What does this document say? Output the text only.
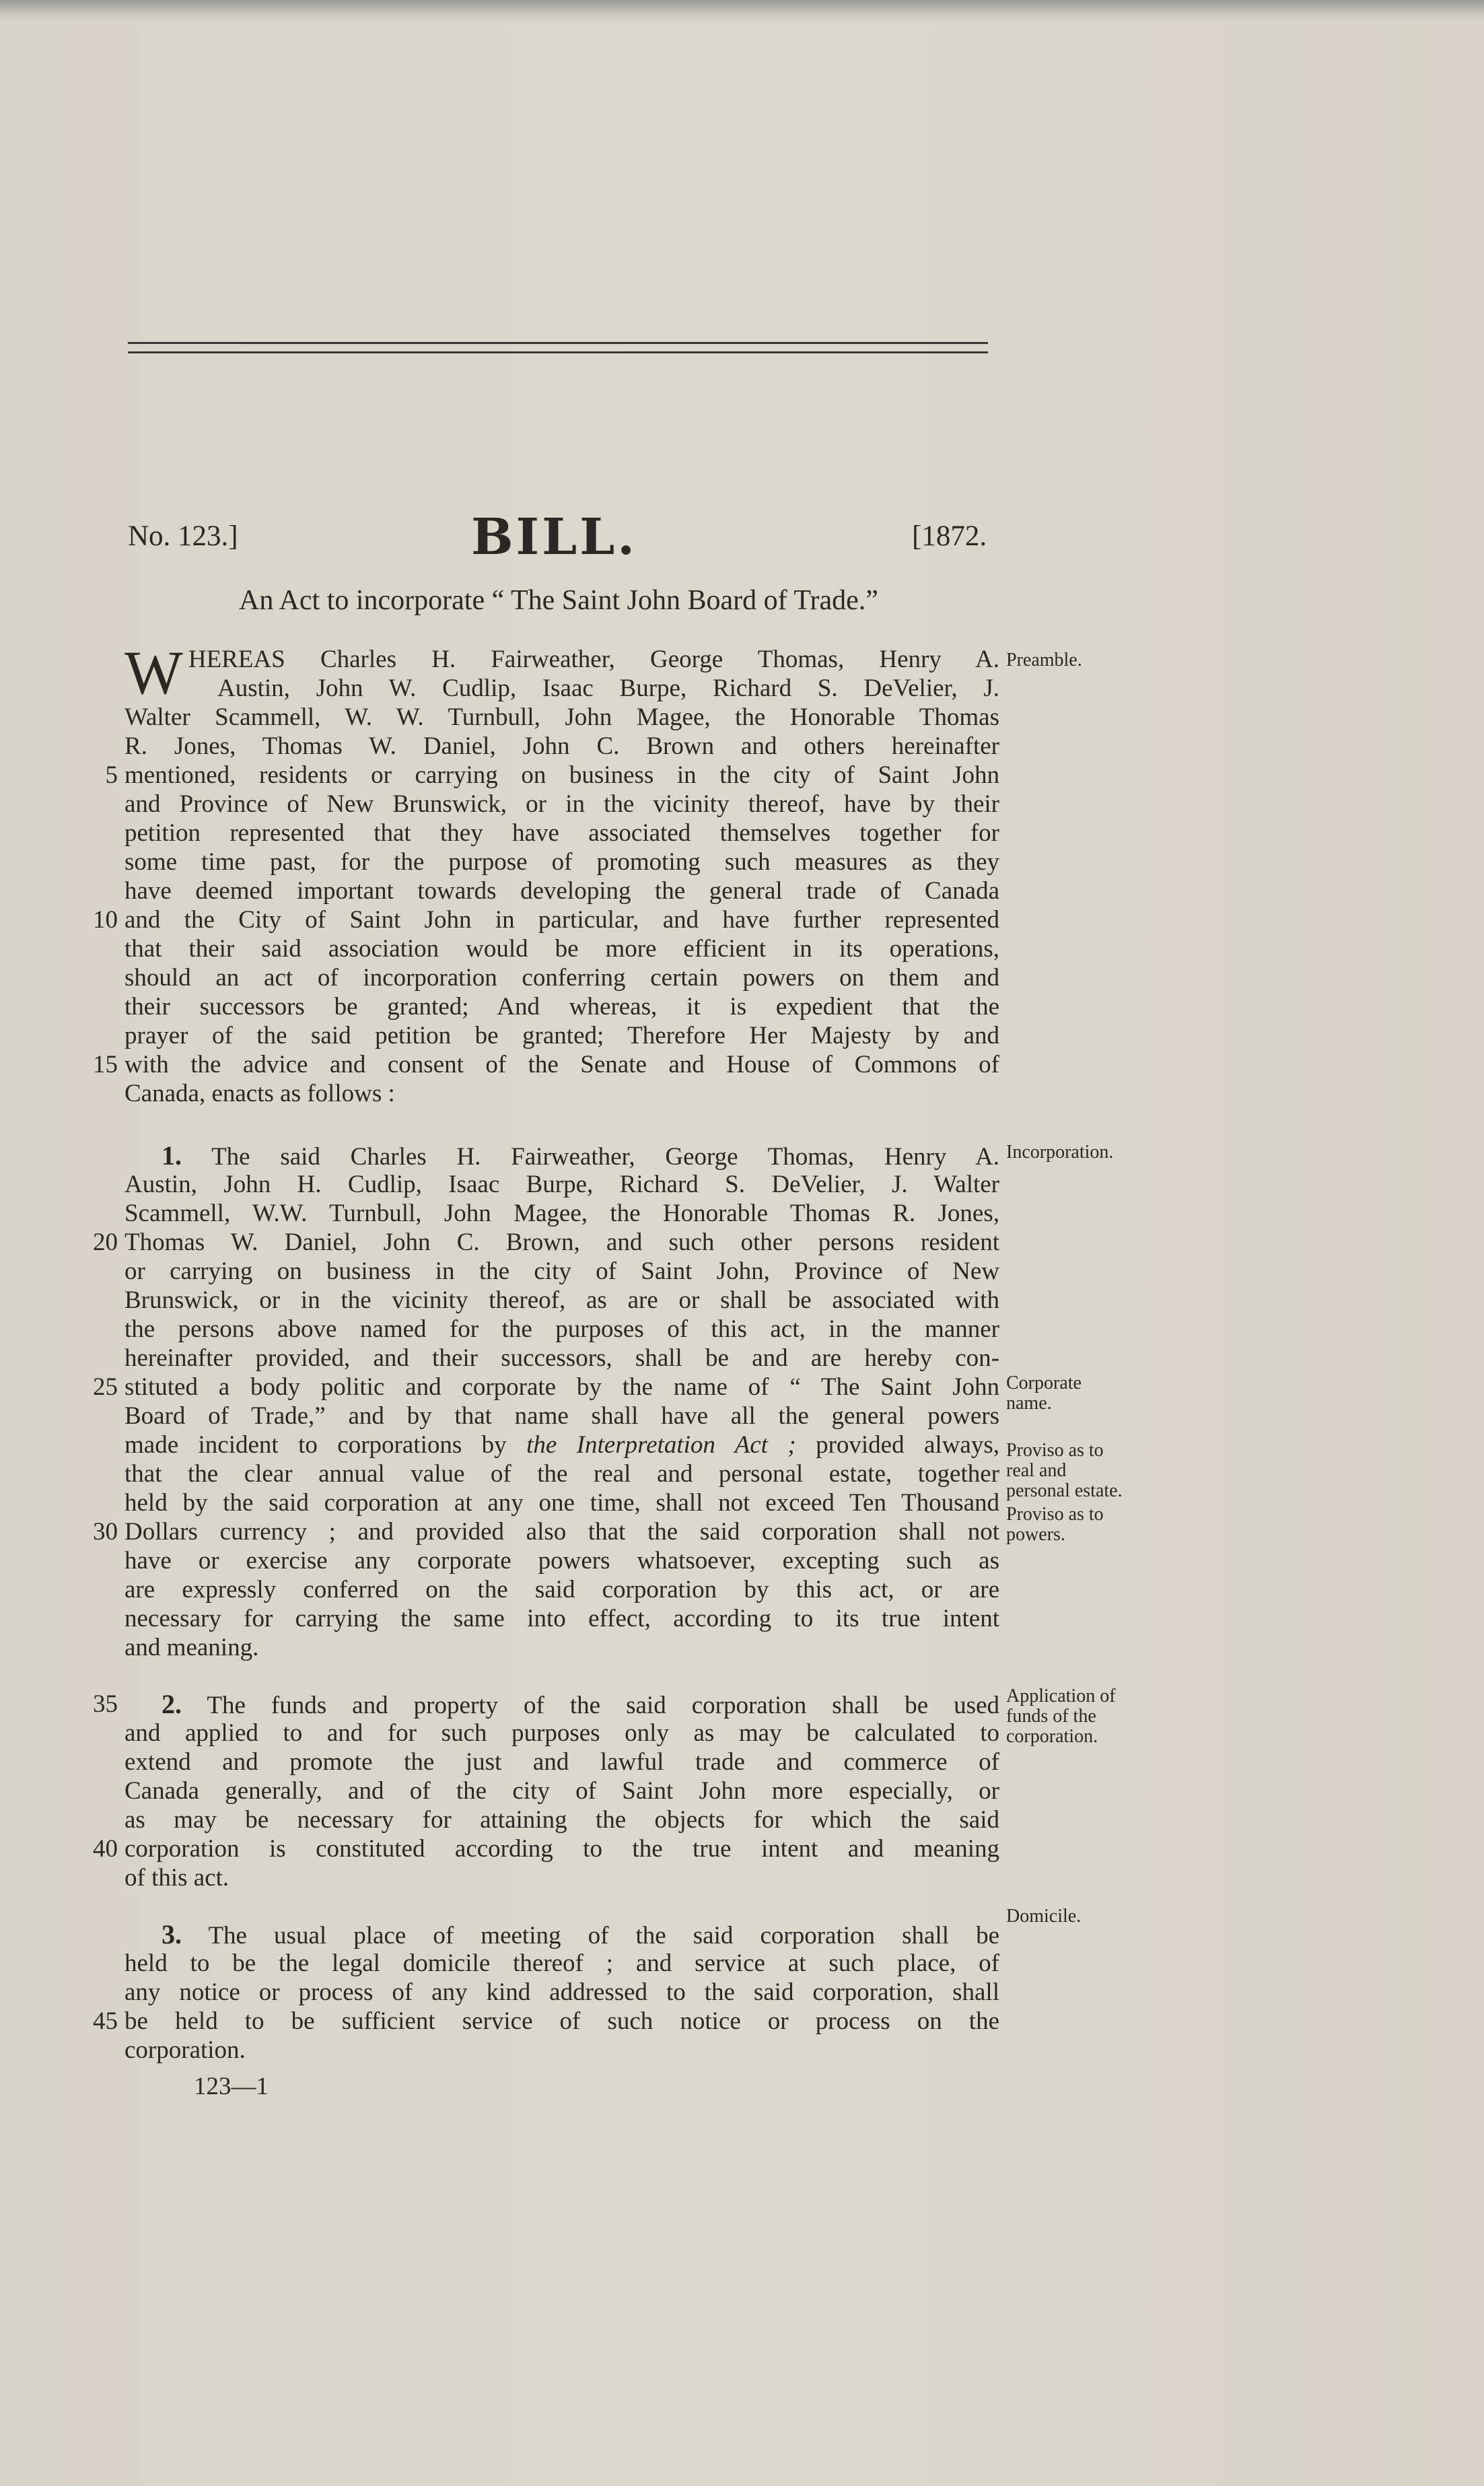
No. 123.]	BILL.	[1872.
An Act to incorporate “ The Saint John Board of Trade.”
WHEREAS Charles H. Fairweather, George Thomas, Henry A.
Austin, John W. Cudlip, Isaac Burpe, Richard S. DeVelier, J.
Walter Scammell, W. W. Turnbull, John Magee, the Honorable Thomas
R. Jones, Thomas W. Daniel, John C. Brown and others hereinafter
mentioned, residents or carrying on business in the city of Saint John
and Province of New Brunswick, or in the vicinity thereof, have by their
petition represented that they have associated themselves together for
some time past, for the purpose of promoting such measures as they
have deemed important towards developing the general trade of Canada
and the City of Saint John in particular, and have further represented
that their said association would be more efficient in its operations,
should an act of incorporation conferring certain powers on them and
their successors be granted; And whereas, it is expedient that the
prayer of the said petition be granted; Therefore Her Majesty by and
with the advice and consent of the Senate and House of Commons of
Canada, enacts as follows :
1. The said Charles H. Fairweather, George Thomas, Henry A.
Austin, John H. Cudlip, Isaac Burpe, Richard S. DeVelier, J. Walter
Scammell, W.W. Turnbull, John Magee, the Honorable Thomas R. Jones,
Thomas W. Daniel, John C. Brown, and such other persons resident
or carrying on business in the city of Saint John, Province of New
Brunswick, or in the vicinity thereof, as are or shall be associated with
the persons above named for the purposes of this act, in the manner
hereinafter provided, and their successors, shall be and are hereby con-
stituted a body politic and corporate by the name of “ The Saint John
Board of Trade,” and by that name shall have all the general powers
made incident to corporations by the Interpretation Act ; provided always,
that the clear annual value of the real and personal estate, together
held by the said corporation at any one time, shall not exceed Ten Thousand
Dollars currency ; and provided also that the said corporation shall not
have or exercise any corporate powers whatsoever, excepting such as
are expressly conferred on the said corporation by this act, or are
necessary for carrying the same into effect, according to its true intent
and meaning.
2. The funds and property of the said corporation shall be used
and applied to and for such purposes only as may be calculated to
extend and promote the just and lawful trade and commerce of
Canada generally, and of the city of Saint John more especially, or
as may be necessary for attaining the objects for which the said
corporation is constituted according to the true intent and meaning
of this act.
3. The usual place of meeting of the said corporation shall be
held to be the legal domicile thereof ; and service at such place, of
any notice or process of any kind addressed to the said corporation, shall
be held to be sufficient service of such notice or process on the
corporation.
5
10
15
20
25
30
35
40
45
Preamble.
Incorporation.
Corporate name.
Proviso as to real and personal estate.
Proviso as to powers.
Application of funds of the corporation.
Domicile.
123—1
